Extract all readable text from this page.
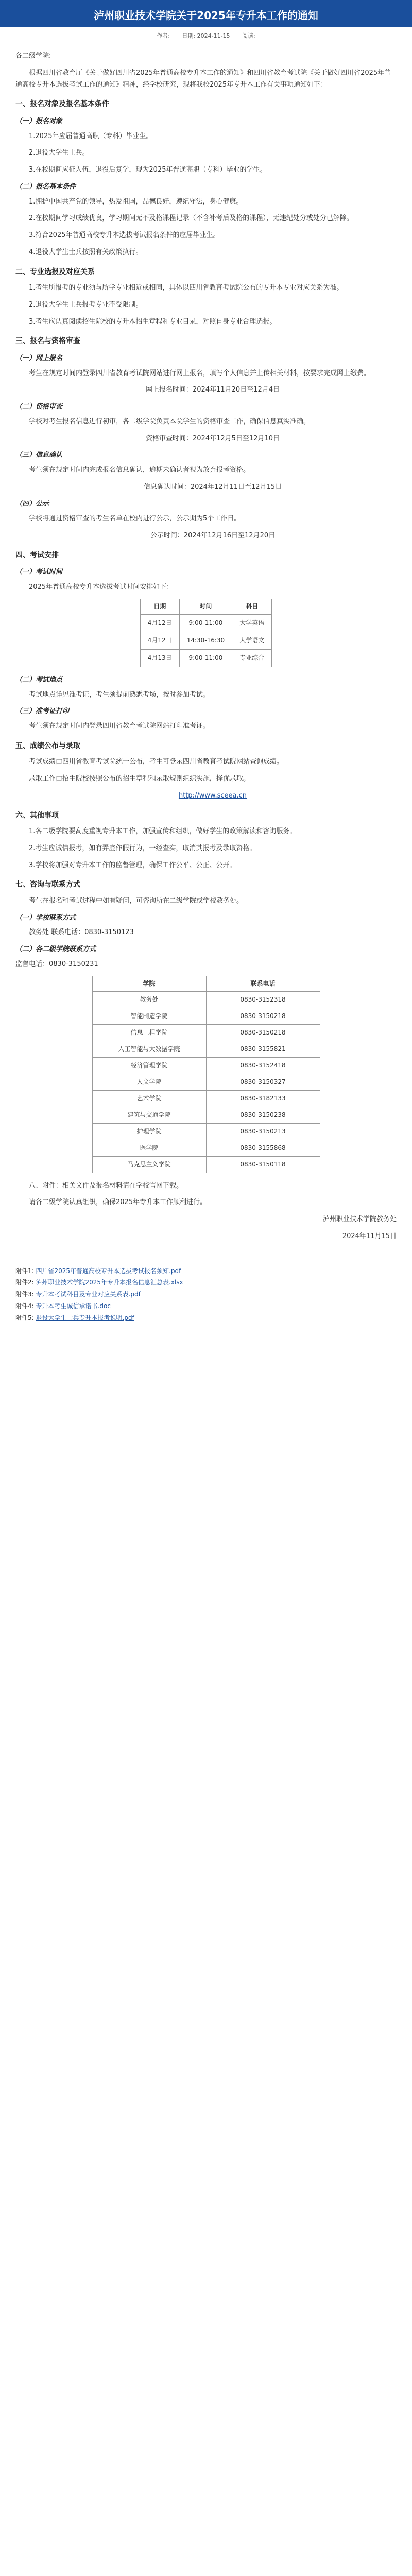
泸州职业技术学院关于2025年专升本工作的通知
作者: 日期: 2024-11-15 阅读:

各二级学院:

根据四川省教育厅《关于做好四川省2025年普通高校专升本工作的通知》和四川省教育考试院《关于做好四川省2025年普通高校专升本选拔考试工作的通知》精神，经学校研究，现将我校2025年专升本工作有关事项通知如下：

一、报名对象及报名基本条件
（一）报名对象

1.2025年应届普通高职（专科）毕业生。

2.退役大学生士兵。

3.在校期间应征入伍，退役后复学，现为2025年普通高职（专科）毕业的学生。

（二）报名基本条件

1.拥护中国共产党的领导，热爱祖国，品德良好，遵纪守法，身心健康。

2.在校期间学习成绩优良，学习期间无不及格课程记录（不含补考后及格的课程），无违纪处分或处分已解除。

3.符合2025年普通高校专升本选拔考试报名条件的应届毕业生。

4.退役大学生士兵按照有关政策执行。

二、专业选报及对应关系

1.考生所报考的专业须与所学专业相近或相同，具体以四川省教育考试院公布的专升本专业对应关系为准。

2.退役大学生士兵报考专业不受限制。

3.考生应认真阅读招生院校的专升本招生章程和专业目录，对照自身专业合理选报。

三、报名与资格审查
（一）网上报名

考生在规定时间内登录四川省教育考试院网站进行网上报名，填写个人信息并上传相关材料，按要求完成网上缴费。

网上报名时间：2024年11月20日至12月4日

（二）资格审查

学校对考生报名信息进行初审，各二级学院负责本院学生的资格审查工作，确保信息真实准确。

资格审查时间：2024年12月5日至12月10日

（三）信息确认

考生须在规定时间内完成报名信息确认，逾期未确认者视为放弃报考资格。

信息确认时间：2024年12月11日至12月15日

（四）公示

学校将通过资格审查的考生名单在校内进行公示，公示期为5个工作日。

公示时间：2024年12月16日至12月20日

四、考试安排
（一）考试时间

2025年普通高校专升本选拔考试时间安排如下：

日期	时间	科目
4月12日	9:00-11:00	大学英语
4月12日	14:30-16:30	大学语文
4月13日	9:00-11:00	专业综合
（二）考试地点

考试地点详见准考证，考生须提前熟悉考场，按时参加考试。

（三）准考证打印

考生须在规定时间内登录四川省教育考试院网站打印准考证。

五、成绩公布与录取

考试成绩由四川省教育考试院统一公布，考生可登录四川省教育考试院网站查询成绩。

录取工作由招生院校按照公布的招生章程和录取规则组织实施，择优录取。

http://www.sceea.cn

六、其他事项

1.各二级学院要高度重视专升本工作，加强宣传和组织，做好学生的政策解读和咨询服务。

2.考生应诚信报考，如有弄虚作假行为，一经查实，取消其报考及录取资格。

3.学校将加强对专升本工作的监督管理，确保工作公平、公正、公开。

七、咨询与联系方式

考生在报名和考试过程中如有疑问，可咨询所在二级学院或学校教务处。

（一）学校联系方式

教务处 联系电话：0830-3150123

（二）各二级学院联系方式

监督电话：0830-3150231

学院	联系电话
教务处	0830-3152318
智能制造学院	0830-3150218
信息工程学院	0830-3150218
人工智能与大数据学院	0830-3155821
经济管理学院	0830-3152418
人文学院	0830-3150327
艺术学院	0830-3182133
建筑与交通学院	0830-3150238
护理学院	0830-3150213
医学院	0830-3155868
马克思主义学院	0830-3150118

八、附件：相关文件及报名材料请在学校官网下载。

请各二级学院认真组织，确保2025年专升本工作顺利进行。

泸州职业技术学院教务处

2024年11月15日

附件1: 四川省2025年普通高校专升本选拔考试报名须知.pdf
附件2: 泸州职业技术学院2025年专升本报名信息汇总表.xlsx
附件3: 专升本考试科目及专业对应关系表.pdf
附件4: 专升本考生诚信承诺书.doc
附件5: 退役大学生士兵专升本报考说明.pdf
